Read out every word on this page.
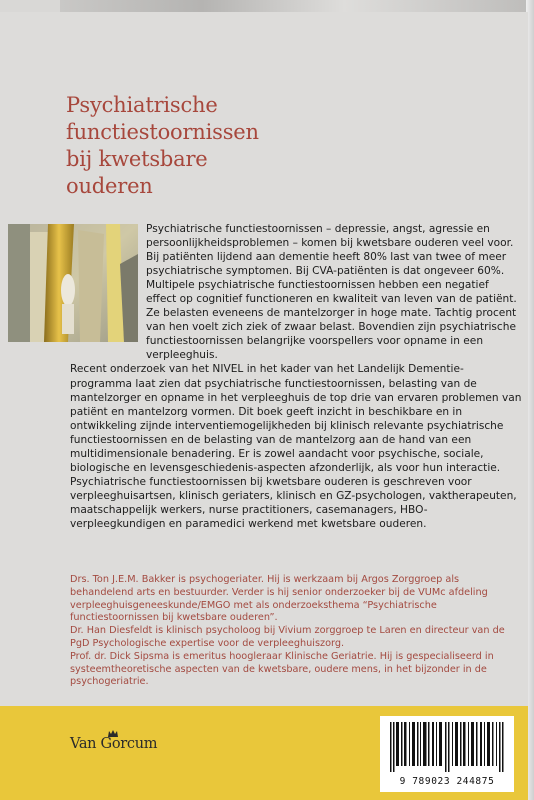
Psychiatrische
functiestoornissen
bij kwetsbare
ouderen

Psychiatrische functiestoornissen – depressie, angst, agressie en persoonlijkheidsproblemen – komen bij kwetsbare ouderen veel voor. Bij patiënten lijdend aan dementie heeft 80% last van twee of meer psychiatrische symptomen. Bij CVA-patiënten is dat ongeveer 60%. Multipele psychiatrische functiestoornissen hebben een negatief effect op cognitief functioneren en kwaliteit van leven van de patiënt. Ze belasten eveneens de mantelzorger in hoge mate. Tachtig procent van hen voelt zich ziek of zwaar belast. Bovendien zijn psychiatrische functiestoornissen belangrijke voorspellers voor opname in een verpleeghuis.

Recent onderzoek van het NIVEL in het kader van het Landelijk Dementie-programma laat zien dat psychiatrische functiestoornissen, belasting van de mantelzorger en opname in het verpleeghuis de top drie van ervaren problemen van patiënt en mantelzorg vormen. Dit boek geeft inzicht in beschikbare en in ontwikkeling zijnde interventiemogelijkheden bij klinisch relevante psychiatrische functiestoornissen en de belasting van de mantelzorg aan de hand van een multidimensionale benadering. Er is zowel aandacht voor psychische, sociale, biologische en levensgeschiedenis-aspecten afzonderlijk, als voor hun interactie.

Psychiatrische functiestoornissen bij kwetsbare ouderen is geschreven voor verpleeghuisartsen, klinisch geriaters, klinisch en GZ-psychologen, vaktherapeuten, maatschappelijk werkers, nurse practitioners, casemanagers, HBO-verpleegkundigen en paramedici werkend met kwetsbare ouderen.

Drs. Ton J.E.M. Bakker is psychogeriater. Hij is werkzaam bij Argos Zorggroep als behandelend arts en bestuurder. Verder is hij senior onderzoeker bij de VUMc afdeling verpleeghuisgeneeskunde/EMGO met als onderzoeksthema “Psychiatrische functiestoornissen bij kwetsbare ouderen”.

Dr. Han Diesfeldt is klinisch psycholoog bij Vivium zorggroep te Laren en directeur van de PgD Psychologische expertise voor de verpleeghuiszorg.

Prof. dr. Dick Sipsma is emeritus hoogleraar Klinische Geriatrie. Hij is gespecialiseerd in systeemtheoretische aspecten van de kwetsbare, oudere mens, in het bijzonder in de psychogeriatrie.

Van Gorcum
9 789023 244875
